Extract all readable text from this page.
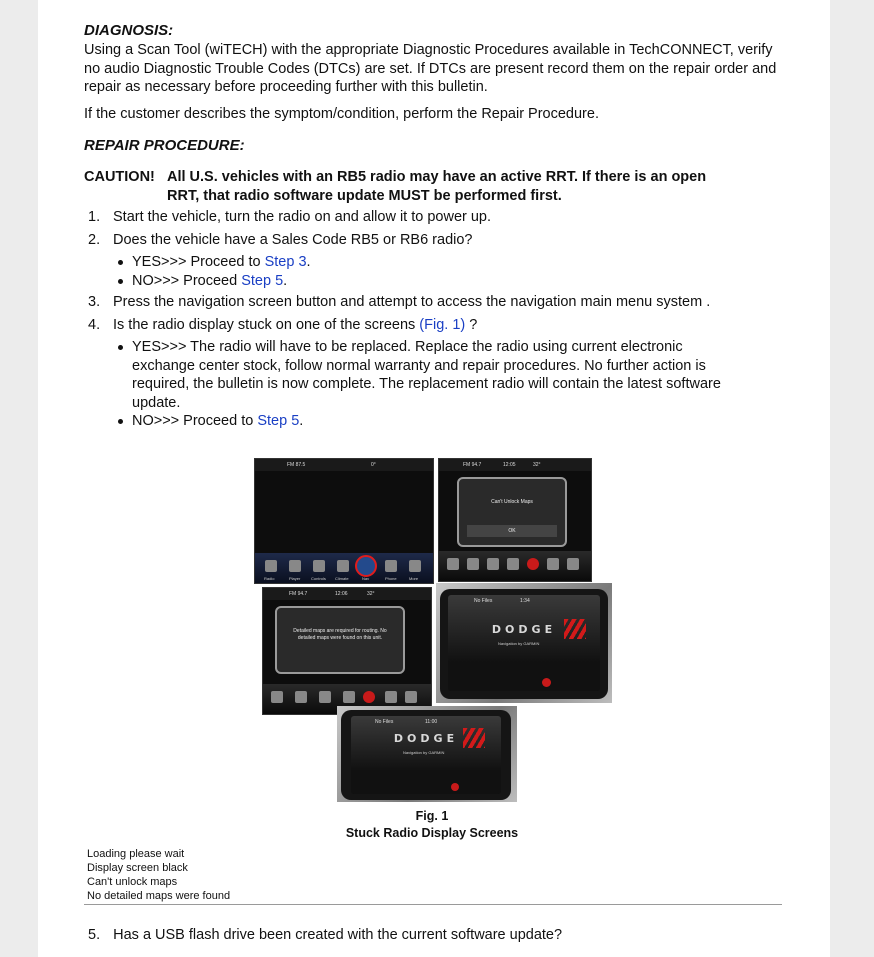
DIAGNOSIS:

Using a Scan Tool (wiTECH) with the appropriate Diagnostic Procedures available in TechCONNECT, verify no audio Diagnostic Trouble Codes (DTCs) are set. If DTCs are present record them on the repair order and repair as necessary before proceeding further with this bulletin.

If the customer describes the symptom/condition, perform the Repair Procedure.

REPAIR PROCEDURE:
CAUTION! All U.S. vehicles with an RB5 radio may have an active RRT. If there is an open
RRT, that radio software update MUST be performed first.
1. Start the vehicle, turn the radio on and allow it to power up.
2. Does the vehicle have a Sales Code RB5 or RB6 radio?
YES>>> Proceed to Step 3.
NO>>> Proceed Step 5.
3. Press the navigation screen button and attempt to access the navigation main menu system .
4. Is the radio display stuck on one of the screens (Fig. 1) ?
YES>>> The radio will have to be replaced. Replace the radio using current electronic exchange center stock, follow normal warranty and repair procedures. No further action is required, the bulletin is now complete. The replacement radio will contain the latest software update.
NO>>> Proceed to Step 5.
FM 87.5	0°
Radio	Player	Controls Climate	Nav	Phone	More
FM 94.7	12:05	32°
Can't Unlock Maps
OK
FM 94.7	12:06	32°
Detailed maps are required for routing. No detailed maps were found on this unit.
No Files	1:34
DODGE
Navigation by GARMIN
No Files	11:00
DODGE
Navigation by GARMIN
Fig. 1
Stuck Radio Display Screens
Loading please wait
Display screen black
Can't unlock maps
No detailed maps were found
5. Has a USB flash drive been created with the current software update?
